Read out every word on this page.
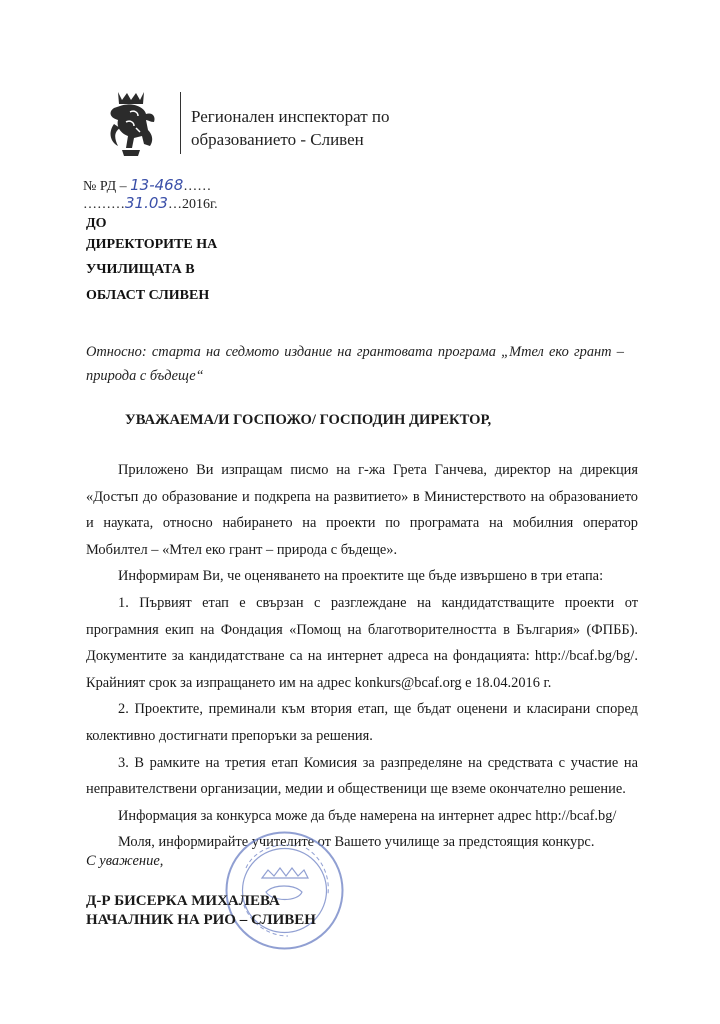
Регионален инспекторат по
образованието - Сливен
№ РД – 13-468……
………31.03…2016г.
ДО
ДИРЕКТОРИТЕ НА
УЧИЛИЩАТА В
ОБЛАСТ СЛИВЕН
Относно: старта на седмото издание на грантовата програма „Мтел еко грант – природа с бъдеще“
УВАЖАЕМА/И ГОСПОЖО/ ГОСПОДИН ДИРЕКТОР,

Приложено Ви изпращам писмо на г-жа Грета Ганчева, директор на дирекция «Достъп до образование и подкрепа на развитието» в Министерството на образованието и науката, относно набирането на проекти по програмата на мобилния оператор Мобилтел – «Мтел еко грант – природа с бъдеще».

Информирам Ви, че оценяването на проектите ще бъде извършено в три етапа:

1. Първият етап е свързан с разглеждане на кандидатстващите проекти от програмния екип на Фондация «Помощ на благотворителността в България» (ФПББ). Документите за кандидатстване са на интернет адреса на фондацията: http://bcaf.bg/bg/. Крайният срок за изпращането им на адрес konkurs@bcaf.org е 18.04.2016 г.

2. Проектите, преминали към втория етап, ще бъдат оценени и класирани според колективно достигнати препоръки за решения.

3. В рамките на третия етап Комисия за разпределяне на средствата с участие на неправителствени организации, медии и общественици ще вземе окончателно решение.

Информация за конкурса може да бъде намерена на интернет адрес http://bcaf.bg/

Моля, информирайте учителите от Вашето училище за предстоящия конкурс.

С уважение,
Д-Р БИСЕРКА МИХАЛЕВА
НАЧАЛНИК НА РИО – СЛИВЕН
